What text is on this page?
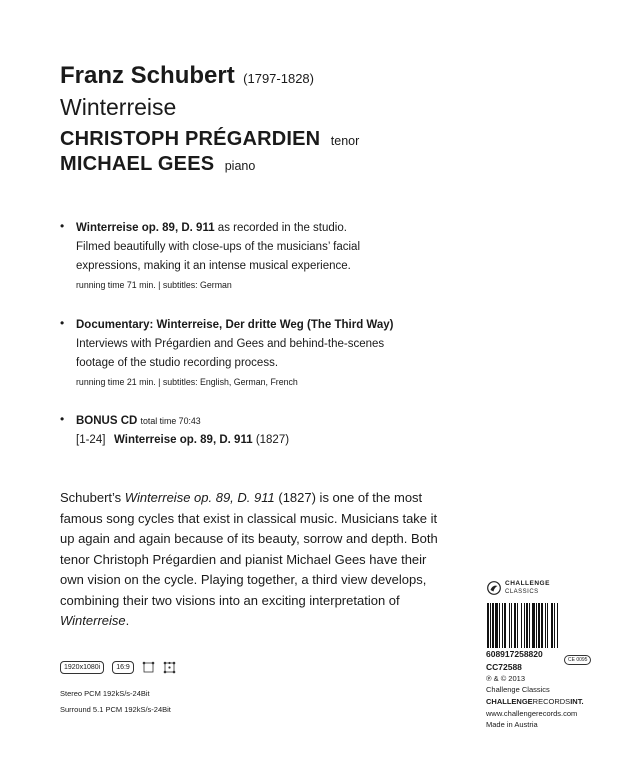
Franz Schubert (1797-1828)
Winterreise
CHRISTOPH PRÉGARDIEN tenor
MICHAEL GEES piano
• Winterreise op. 89, D. 911 as recorded in the studio.
Filmed beautifully with close-ups of the musicians’ facial
expressions, making it an intense musical experience.
running time 71 min. | subtitles: German
• Documentary: Winterreise, Der dritte Weg (The Third Way)
Interviews with Prégardien and Gees and behind-the-scenes
footage of the studio recording process.
running time 21 min. | subtitles: English, German, French
• BONUS CD total time 70:43
[1-24] Winterreise op. 89, D. 911 (1827)
Schubert’s Winterreise op. 89, D. 911 (1827) is one of the most famous song cycles that exist in classical music. Musicians take it up again and again because of its beauty, sorrow and depth. Both tenor Christoph Prégardien and pianist Michael Gees have their own vision on the cycle. Playing together, a third view develops, combining their two visions into an exciting interpretation of Winterreise.
1920x1080i	16:9
Stereo PCM 192kS/s-24Bit
Surround 5.1 PCM 192kS/s-24Bit
CHALLENGE
CLASSICS
608917258820
CC72588
CE 0095
℗ & © 2013
Challenge Classics
CHALLENGERECORDSINT.
www.challengerecords.com
Made in Austria
